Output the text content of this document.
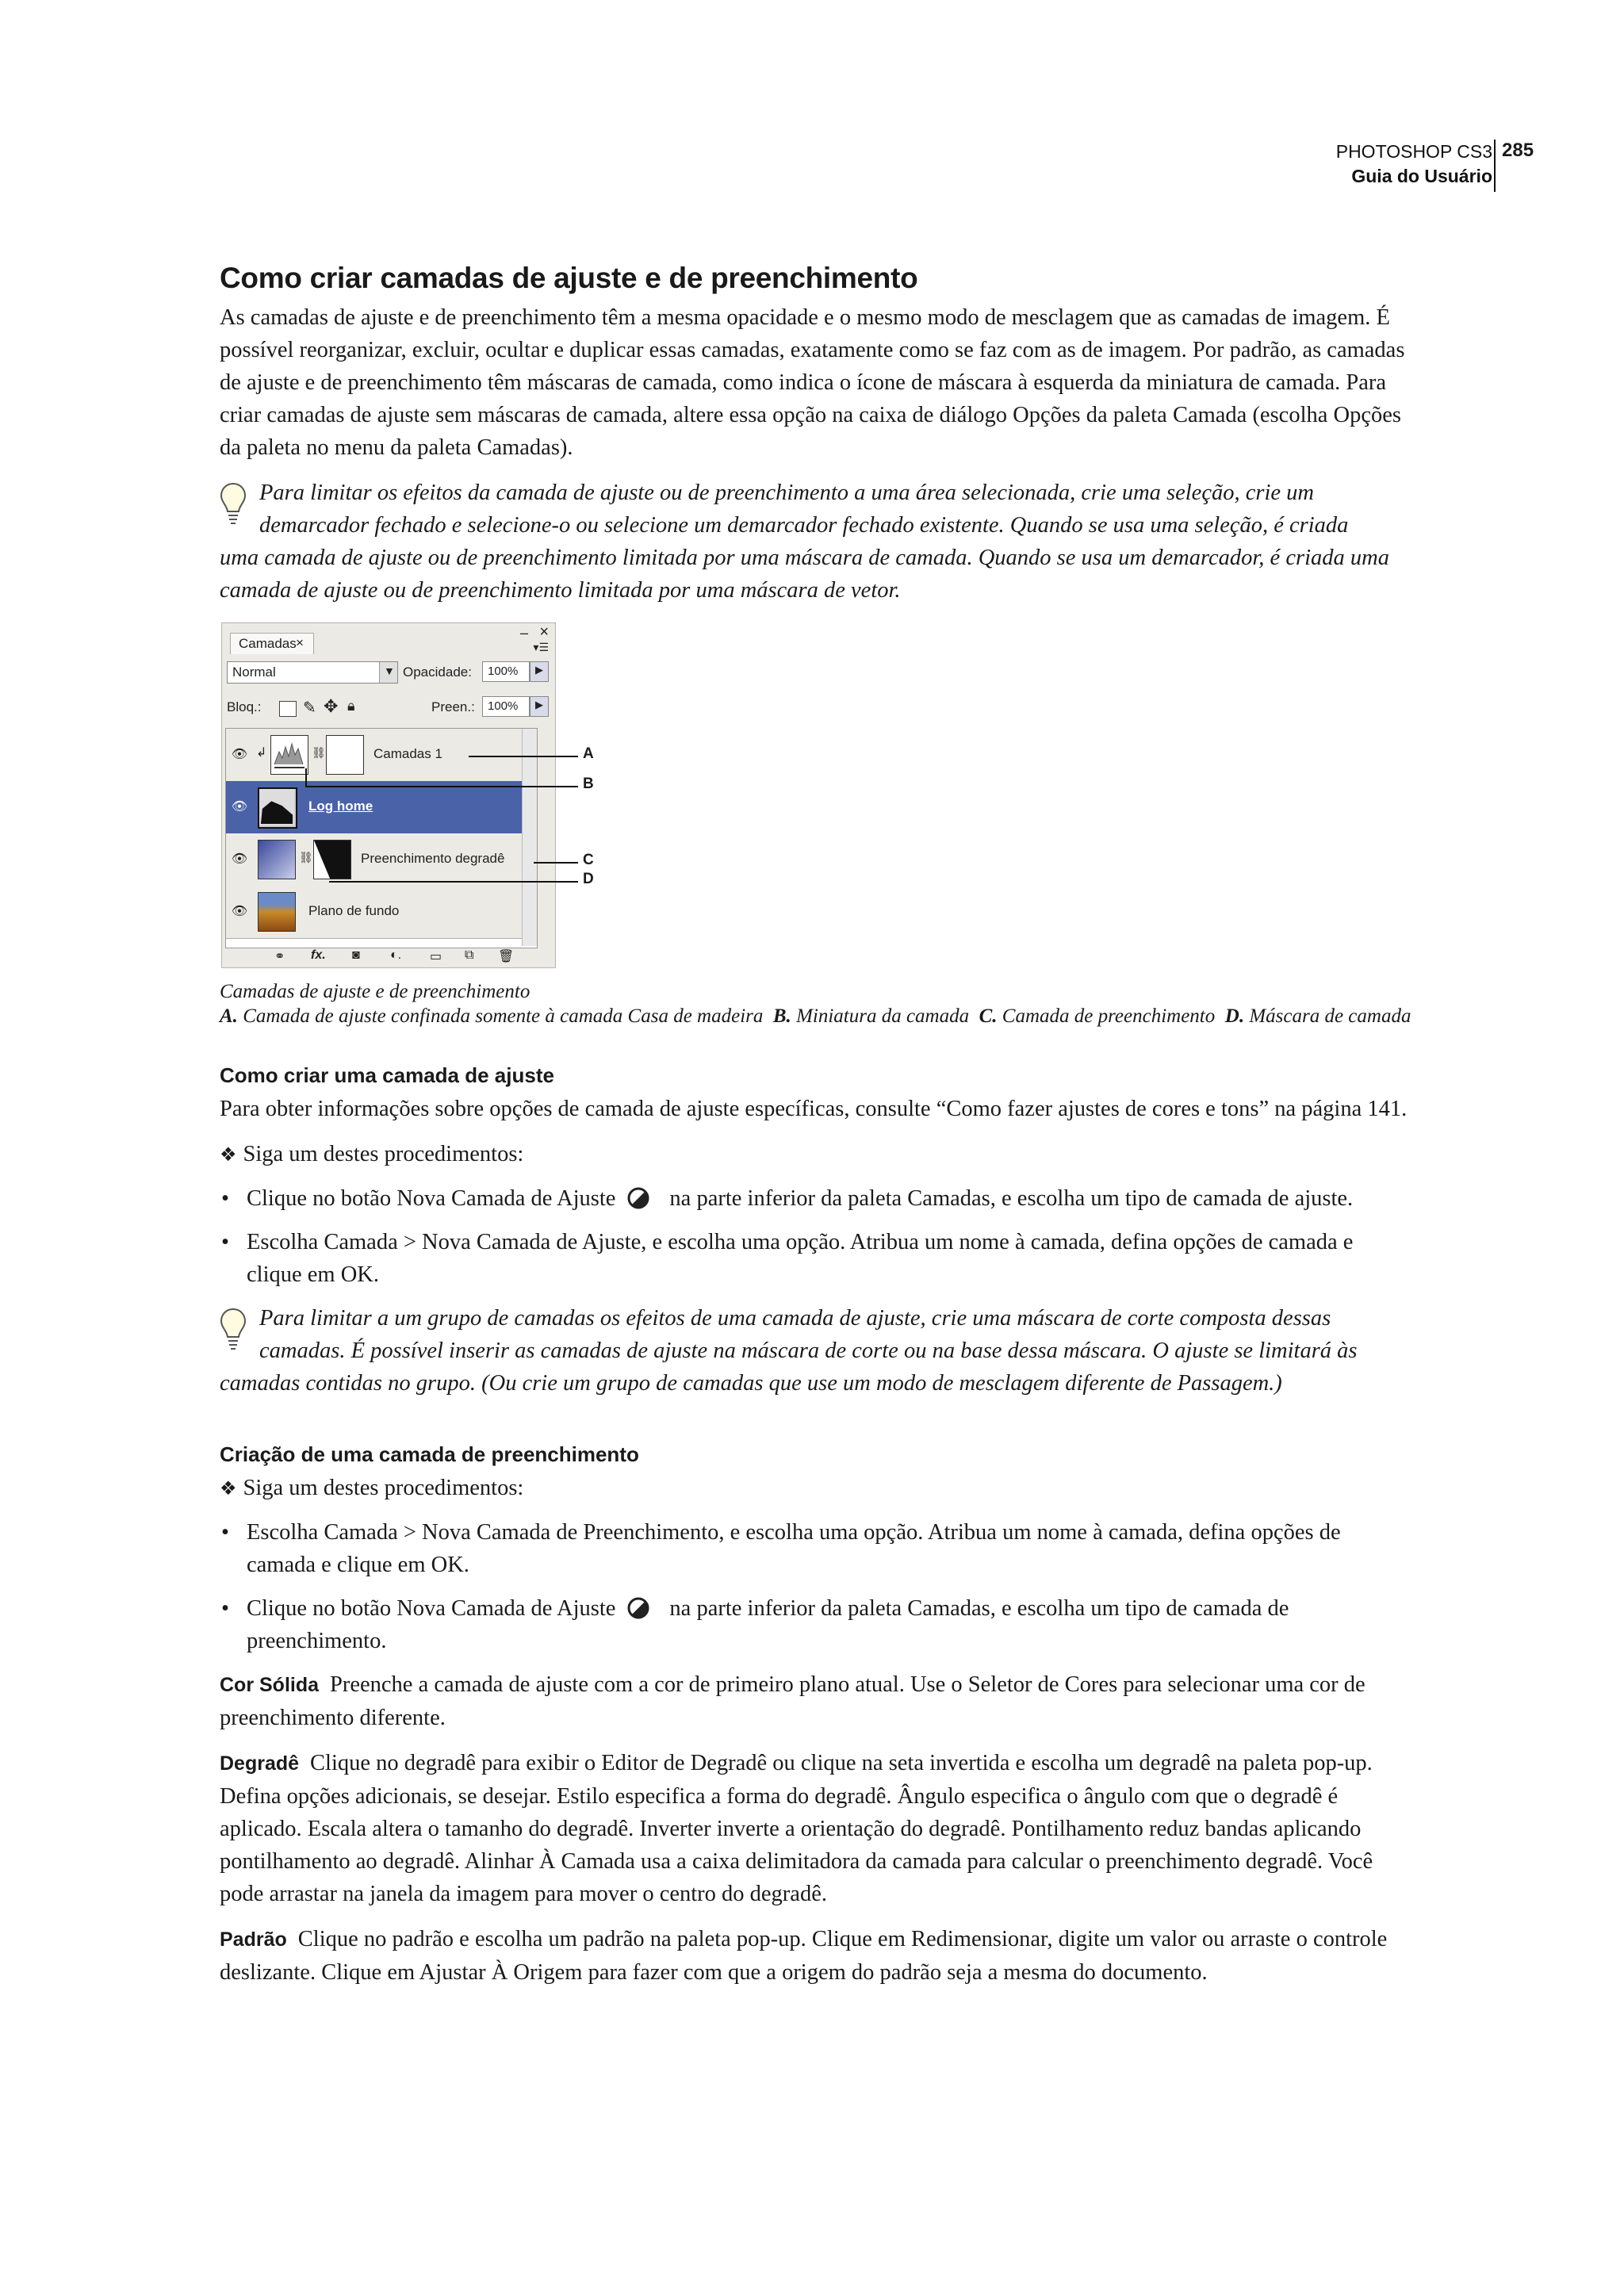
PHOTOSHOP CS3
Guia do Usuário
285
Como criar camadas de ajuste e de preenchimento

As camadas de ajuste e de preenchimento têm a mesma opacidade e o mesmo modo de mesclagem que as camadas de imagem. É possível reorganizar, excluir, ocultar e duplicar essas camadas, exatamente como se faz com as de imagem. Por padrão, as camadas de ajuste e de preenchimento têm máscaras de camada, como indica o ícone de máscara à esquerda da miniatura de camada. Para criar camadas de ajuste sem máscaras de camada, altere essa opção na caixa de diálogo Opções da paleta Camada (escolha Opções da paleta no menu da paleta Camadas).

Para limitar os efeitos da camada de ajuste ou de preenchimento a uma área selecionada, crie uma seleção, crie um
demarcador fechado e selecione-o ou selecione um demarcador fechado existente. Quando se usa uma seleção, é criada
uma camada de ajuste ou de preenchimento limitada por uma máscara de camada. Quando se usa um demarcador, é criada uma camada de ajuste ou de preenchimento limitada por uma máscara de vetor.
Camadas ×
– ×
▾☰
Normal	▼ Opacidade: 100% ▶
Bloq.:	✎ ✥ 🔒︎	Preen.: 100% ▶
👁︎ ↲	⛓︎	Camadas 1
👁︎	Log home
👁︎	⛓︎	Preenchimento degradê
👁︎	Plano de fundo
⚭ fx. ◙ ◐. ▭ ⧉ 🗑︎
A
B
C
D
Camadas de ajuste e de preenchimento
A. Camada de ajuste confinada somente à camada Casa de madeira B. Miniatura da camada C. Camada de preenchimento D. Máscara de camada
Como criar uma camada de ajuste

Para obter informações sobre opções de camada de ajuste específicas, consulte “Como fazer ajustes de cores e tons” na página 141.

❖ Siga um destes procedimentos:

• Clique no botão Nova Camada de Ajuste na parte inferior da paleta Camadas, e escolha um tipo de camada de ajuste.
• Escolha Camada > Nova Camada de Ajuste, e escolha uma opção. Atribua um nome à camada, defina opções de camada e clique em OK.
Para limitar a um grupo de camadas os efeitos de uma camada de ajuste, crie uma máscara de corte composta dessas
camadas. É possível inserir as camadas de ajuste na máscara de corte ou na base dessa máscara. O ajuste se limitará às
camadas contidas no grupo. (Ou crie um grupo de camadas que use um modo de mesclagem diferente de Passagem.)
Criação de uma camada de preenchimento

❖ Siga um destes procedimentos:

• Escolha Camada > Nova Camada de Preenchimento, e escolha uma opção. Atribua um nome à camada, defina opções de camada e clique em OK.
• Clique no botão Nova Camada de Ajuste na parte inferior da paleta Camadas, e escolha um tipo de camada de preenchimento.

Cor Sólida Preenche a camada de ajuste com a cor de primeiro plano atual. Use o Seletor de Cores para selecionar uma cor de preenchimento diferente.

Degradê Clique no degradê para exibir o Editor de Degradê ou clique na seta invertida e escolha um degradê na paleta pop-up. Defina opções adicionais, se desejar. Estilo especifica a forma do degradê. Ângulo especifica o ângulo com que o degradê é aplicado. Escala altera o tamanho do degradê. Inverter inverte a orientação do degradê. Pontilhamento reduz bandas aplicando pontilhamento ao degradê. Alinhar À Camada usa a caixa delimitadora da camada para calcular o preenchimento degradê. Você pode arrastar na janela da imagem para mover o centro do degradê.

Padrão Clique no padrão e escolha um padrão na paleta pop-up. Clique em Redimensionar, digite um valor ou arraste o controle deslizante. Clique em Ajustar À Origem para fazer com que a origem do padrão seja a mesma do documento.
